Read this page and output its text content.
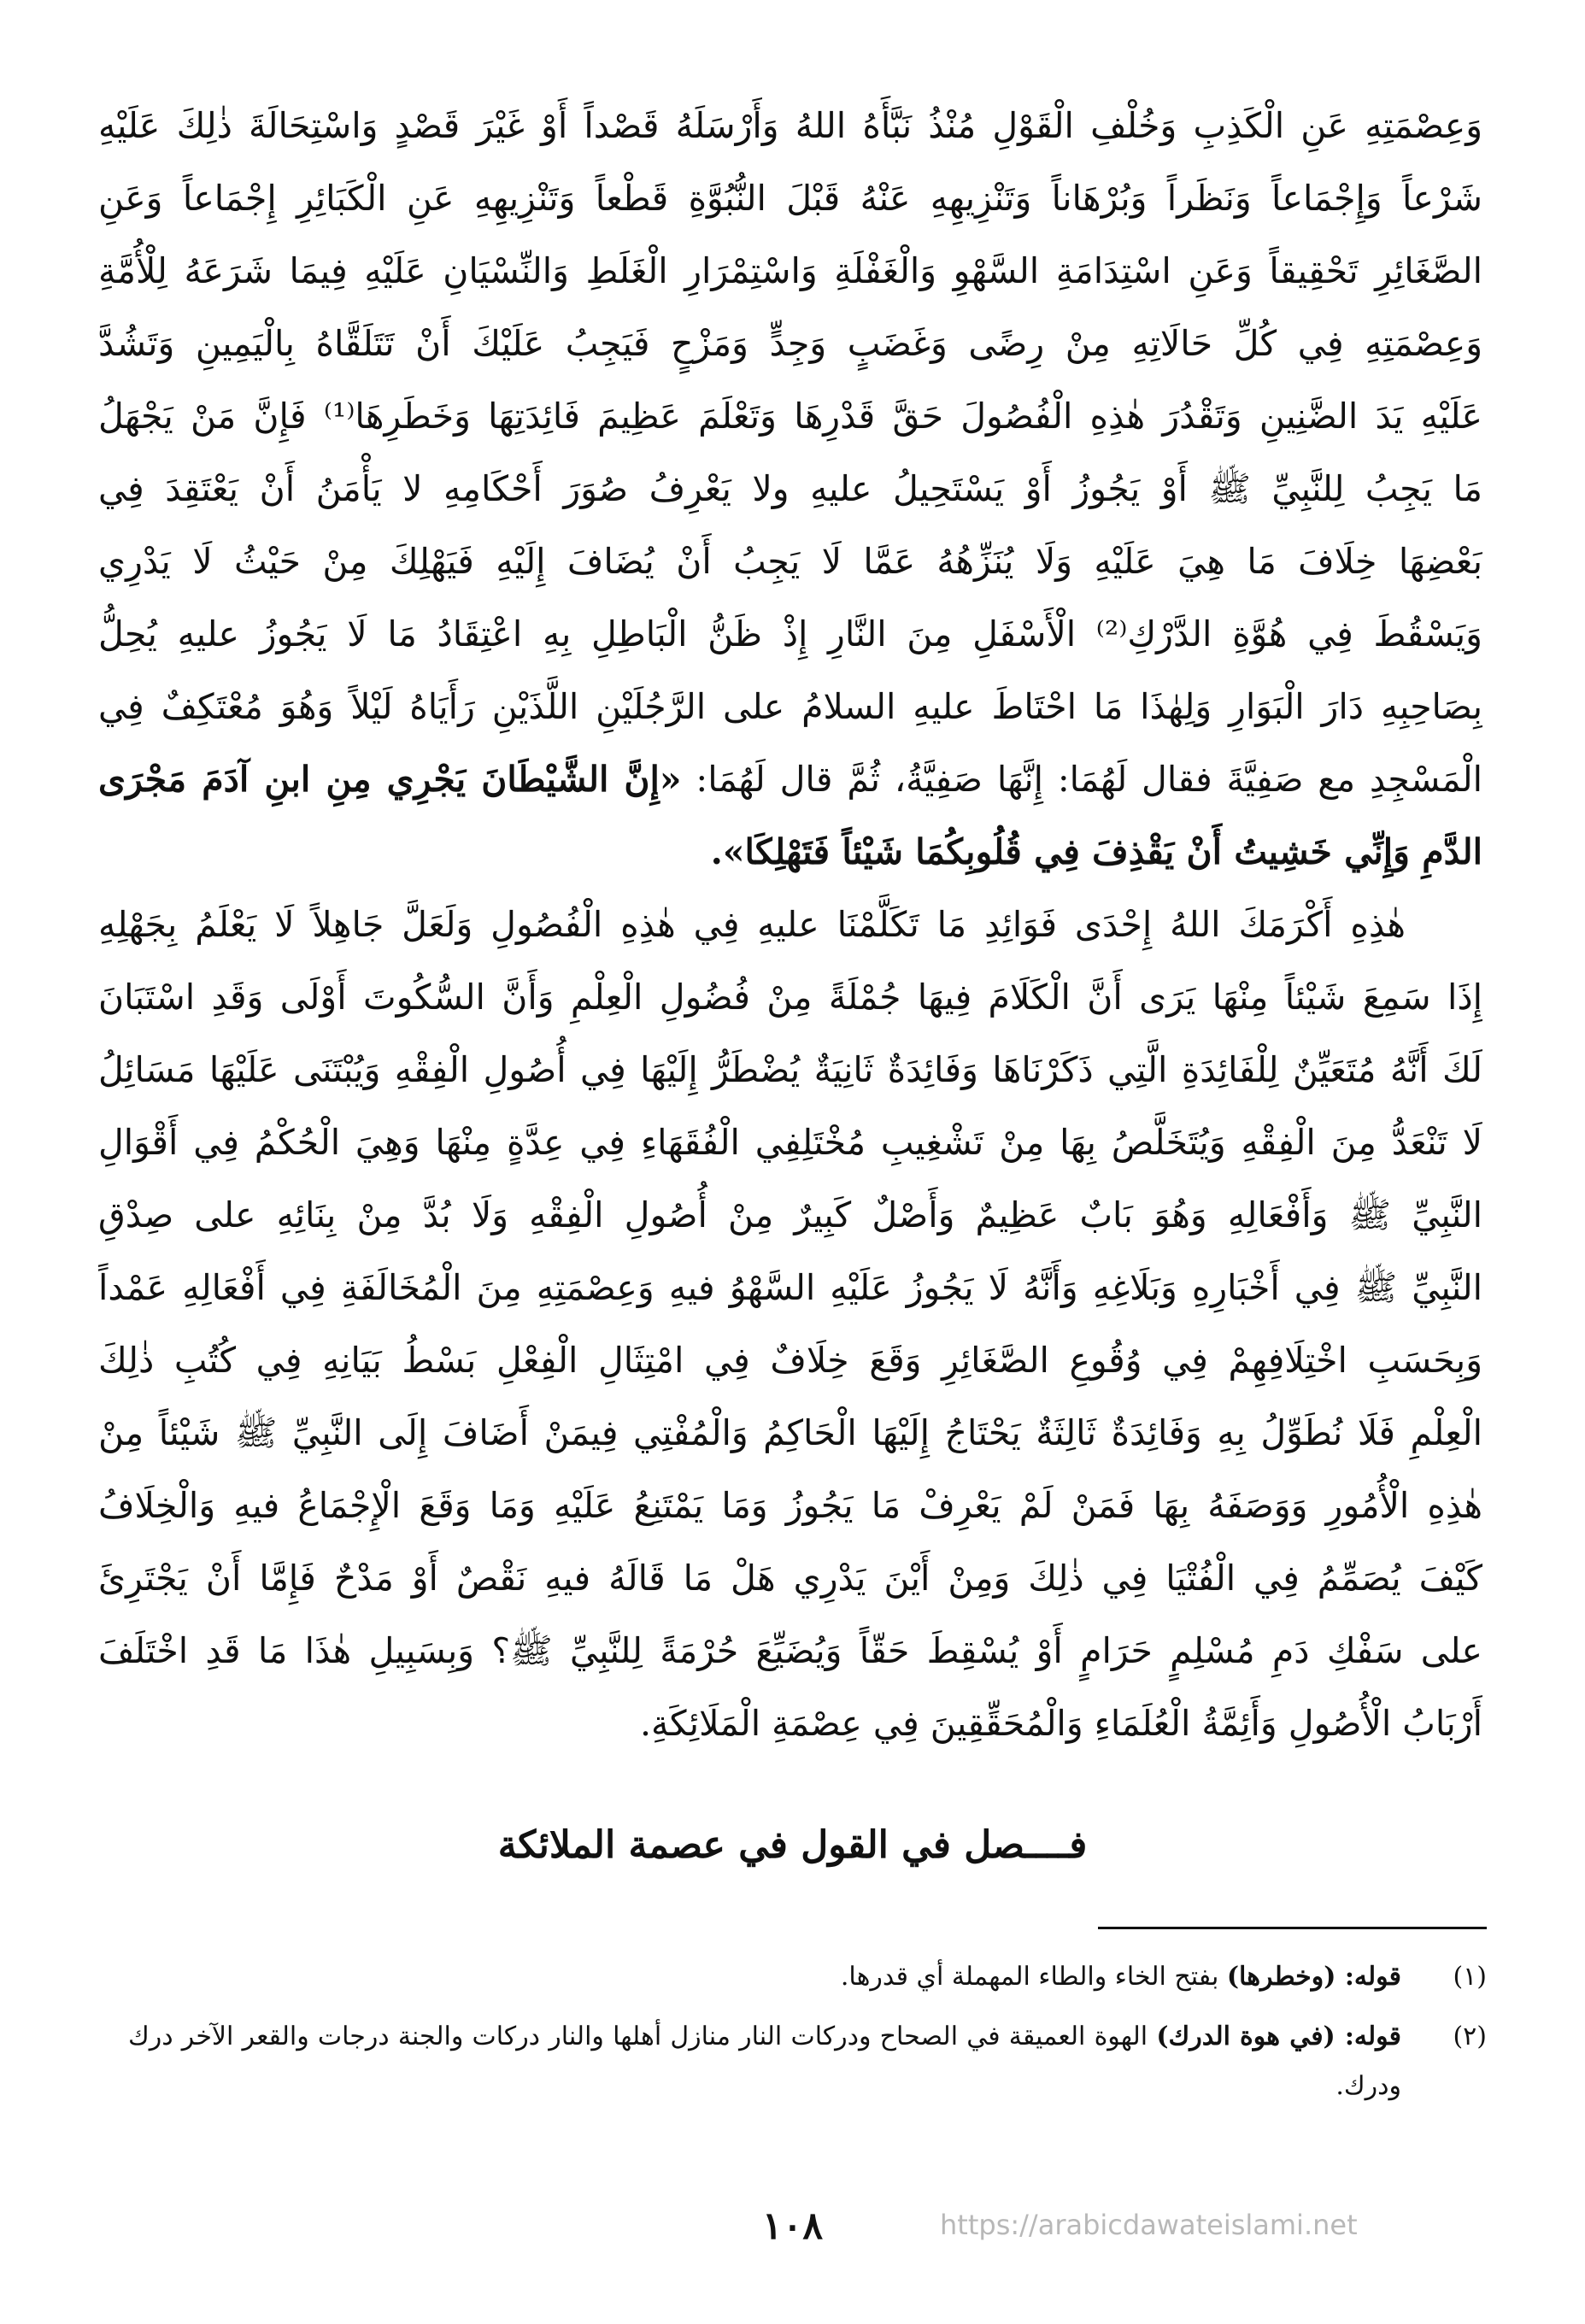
وَعِصْمَتِهِ عَنِ الْكَذِبِ وَخُلْفِ الْقَوْلِ مُنْذُ نَبَّأَهُ اللهُ وَأَرْسَلَهُ قَصْداً أَوْ غَيْرَ قَصْدٍ وَاسْتِحَالَةَ ذٰلِكَ عَلَيْهِ
شَرْعاً وَإِجْمَاعاً وَنَظَراً وَبُرْهَاناً وَتَنْزِيهِهِ عَنْهُ قَبْلَ النُّبُوَّةِ قَطْعاً وَتَنْزِيهِهِ عَنِ الْكَبَائِرِ إِجْمَاعاً وَعَنِ
الصَّغَائِرِ تَحْقِيقاً وَعَنِ اسْتِدَامَةِ السَّهْوِ وَالْغَفْلَةِ وَاسْتِمْرَارِ الْغَلَطِ وَالنِّسْيَانِ عَلَيْهِ فِيمَا شَرَعَهُ لِلْأُمَّةِ
وَعِصْمَتِهِ فِي كُلِّ حَالَاتِهِ مِنْ رِضًى وَغَضَبٍ وَجِدٍّ وَمَزْحٍ فَيَجِبُ عَلَيْكَ أَنْ تَتَلَقَّاهُ بِالْيَمِينِ وَتَشُدَّ
عَلَيْهِ يَدَ الضَّنِينِ وَتَقْدُرَ هٰذِهِ الْفُصُولَ حَقَّ قَدْرِهَا وَتَعْلَمَ عَظِيمَ فَائِدَتِهَا وَخَطَرِهَا⁽¹⁾ فَإِنَّ مَنْ يَجْهَلُ
مَا يَجِبُ لِلنَّبِيِّ ﷺ أَوْ يَجُوزُ أَوْ يَسْتَحِيلُ عليهِ ولا يَعْرِفُ صُوَرَ أَحْكَامِهِ لا يَأْمَنُ أَنْ يَعْتَقِدَ فِي
بَعْضِهَا خِلَافَ مَا هِيَ عَلَيْهِ وَلَا يُنَزِّهُهُ عَمَّا لَا يَجِبُ أَنْ يُضَافَ إِلَيْهِ فَيَهْلِكَ مِنْ حَيْثُ لَا يَدْرِي
وَيَسْقُطَ فِي هُوَّةِ الدَّرْكِ⁽²⁾ الْأَسْفَلِ مِنَ النَّارِ إِذْ ظَنُّ الْبَاطِلِ بِهِ اعْتِقَادُ مَا لَا يَجُوزُ عليهِ يُحِلُّ
بِصَاحِبِهِ دَارَ الْبَوَارِ وَلِهٰذَا مَا احْتَاطَ عليهِ السلامُ على الرَّجُلَيْنِ اللَّذَيْنِ رَأَيَاهُ لَيْلاً وَهُوَ مُعْتَكِفٌ فِي
الْمَسْجِدِ مع صَفِيَّةَ فقال لَهُمَا: إِنَّهَا صَفِيَّةُ، ثُمَّ قال لَهُمَا: «إِنَّ الشَّيْطَانَ يَجْرِي مِنِ ابنِ آدَمَ مَجْرَى
الدَّمِ وَإِنِّي خَشِيتُ أَنْ يَقْذِفَ فِي قُلُوبِكُمَا شَيْئاً فَتَهْلِكَا».
هٰذِهِ أَكْرَمَكَ اللهُ إِحْدَى فَوَائِدِ مَا تَكَلَّمْنَا عليهِ فِي هٰذِهِ الْفُصُولِ وَلَعَلَّ جَاهِلاً لَا يَعْلَمُ بِجَهْلِهِ
إِذَا سَمِعَ شَيْئاً مِنْهَا يَرَى أَنَّ الْكَلَامَ فِيهَا جُمْلَةً مِنْ فُضُولِ الْعِلْمِ وَأَنَّ السُّكُوتَ أَوْلَى وَقَدِ اسْتَبَانَ
لَكَ أَنَّهُ مُتَعَيِّنٌ لِلْفَائِدَةِ الَّتِي ذَكَرْنَاهَا وَفَائِدَةٌ ثَانِيَةٌ يُضْطَرُّ إِلَيْهَا فِي أُصُولِ الْفِقْهِ وَيُبْتَنَى عَلَيْهَا مَسَائِلُ
لَا تَنْعَدُّ مِنَ الْفِقْهِ وَيُتَخَلَّصُ بِهَا مِنْ تَشْغِيبِ مُخْتَلِفِي الْفُقَهَاءِ فِي عِدَّةٍ مِنْهَا وَهِيَ الْحُكْمُ فِي أَقْوَالِ
النَّبِيِّ ﷺ وَأَفْعَالِهِ وَهُوَ بَابٌ عَظِيمٌ وَأَصْلٌ كَبِيرٌ مِنْ أُصُولِ الْفِقْهِ وَلَا بُدَّ مِنْ بِنَائِهِ على صِدْقِ
النَّبِيِّ ﷺ فِي أَخْبَارِهِ وَبَلَاغِهِ وَأَنَّهُ لَا يَجُوزُ عَلَيْهِ السَّهْوُ فيهِ وَعِصْمَتِهِ مِنَ الْمُخَالَفَةِ فِي أَفْعَالِهِ عَمْداً
وَبِحَسَبِ اخْتِلَافِهِمْ فِي وُقُوعِ الصَّغَائِرِ وَقَعَ خِلَافٌ فِي امْتِثَالِ الْفِعْلِ بَسْطُ بَيَانِهِ فِي كُتُبِ ذٰلِكَ
الْعِلْمِ فَلَا نُطَوِّلُ بِهِ وَفَائِدَةٌ ثَالِثَةٌ يَحْتَاجُ إِلَيْهَا الْحَاكِمُ وَالْمُفْتِي فِيمَنْ أَضَافَ إِلَى النَّبِيِّ ﷺ شَيْئاً مِنْ
هٰذِهِ الْأُمُورِ وَوَصَفَهُ بِهَا فَمَنْ لَمْ يَعْرِفْ مَا يَجُوزُ وَمَا يَمْتَنِعُ عَلَيْهِ وَمَا وَقَعَ الْإِجْمَاعُ فيهِ وَالْخِلَافُ
كَيْفَ يُصَمِّمُ فِي الْفُتْيَا فِي ذٰلِكَ وَمِنْ أَيْنَ يَدْرِي هَلْ مَا قَالَهُ فيهِ نَقْصٌ أَوْ مَدْحٌ فَإِمَّا أَنْ يَجْتَرِئَ
على سَفْكِ دَمِ مُسْلِمٍ حَرَامٍ أَوْ يُسْقِطَ حَقّاً وَيُضَيِّعَ حُرْمَةً لِلنَّبِيِّ ﷺ؟ وَبِسَبِيلِ هٰذَا مَا قَدِ اخْتَلَفَ
أَرْبَابُ الْأُصُولِ وَأَئِمَّةُ الْعُلَمَاءِ وَالْمُحَقِّقِينَ فِي عِصْمَةِ الْمَلَائِكَةِ.
فــــصل في القول في عصمة الملائكة
(١)
قوله: (وخطرها) بفتح الخاء والطاء المهملة أي قدرها.
(٢)
قوله: (في هوة الدرك) الهوة العميقة في الصحاح ودركات النار منازل أهلها والنار دركات والجنة درجات والقعر الآخر درك ودرك.
١٠٨	https://arabicdawateislami.net
